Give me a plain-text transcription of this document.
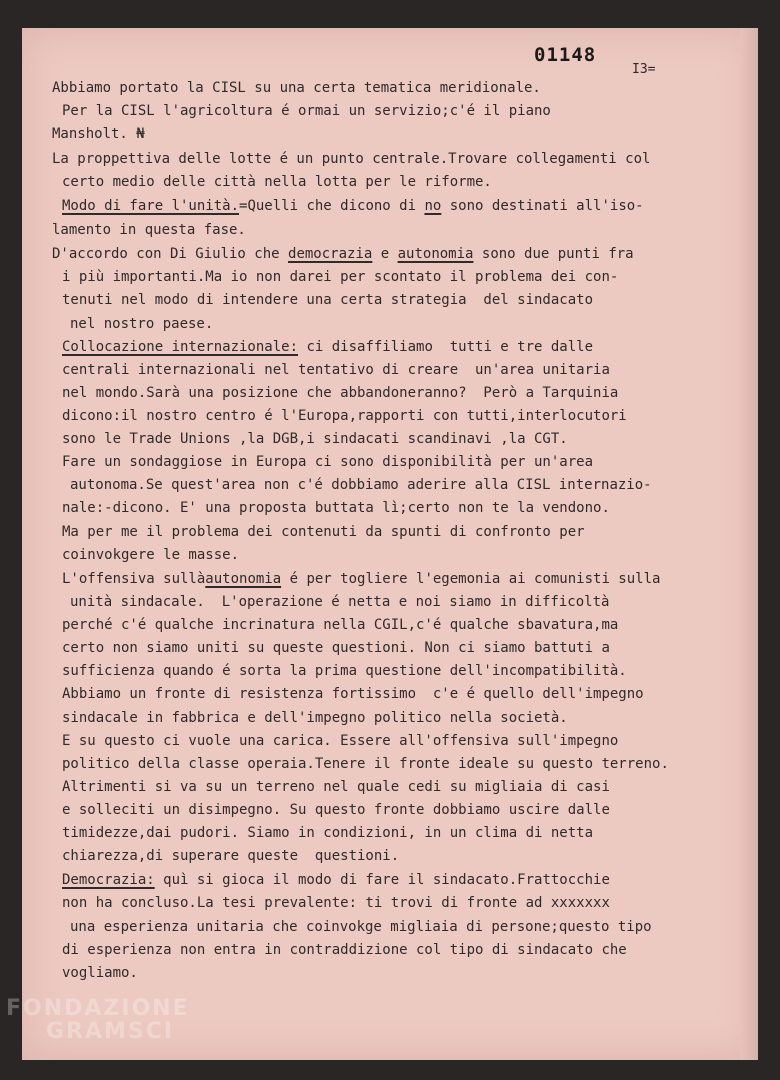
01148
I3=
Abbiamo portato la CISL su una certa tematica meridionale.
Per la CISL l'agricoltura é ormai un servizio;c'é il piano
Mansholt. ₦
La proppettiva delle lotte é un punto centrale.Trovare collegamenti col
certo medio delle città nella lotta per le riforme.
Modo di fare l'unità.=Quelli che dicono di no sono destinati all'iso-
lamento in questa fase.
D'accordo con Di Giulio che democrazia e autonomia sono due punti fra
i più importanti.Ma io non darei per scontato il problema dei con-
tenuti nel modo di intendere una certa strategia  del sindacato
nel nostro paese.
Collocazione internazionale: ci disaffiliamo  tutti e tre dalle
centrali internazionali nel tentativo di creare  un'area unitaria
nel mondo.Sarà una posizione che abbandoneranno?  Però a Tarquinia
dicono:il nostro centro é l'Europa,rapporti con tutti,interlocutori
sono le Trade Unions ,la DGB,i sindacati scandinavi ,la CGT.
Fare un sondaggiose in Europa ci sono disponibilità per un'area
autonoma.Se quest'area non c'é dobbiamo aderire alla CISL internazio-
nale:-dicono. E' una proposta buttata lì;certo non te la vendono.
Ma per me il problema dei contenuti da spunti di confronto per
coinvokgere le masse.
L'offensiva sullàautonomia é per togliere l'egemonia ai comunisti sulla
unità sindacale.  L'operazione é netta e noi siamo in difficoltà
perché c'é qualche incrinatura nella CGIL,c'é qualche sbavatura,ma
certo non siamo uniti su queste questioni. Non ci siamo battuti a
sufficienza quando é sorta la prima questione dell'incompatibilità.
Abbiamo un fronte di resistenza fortissimo  c'e é quello dell'impegno
sindacale in fabbrica e dell'impegno politico nella società.
E su questo ci vuole una carica. Essere all'offensiva sull'impegno
politico della classe operaia.Tenere il fronte ideale su questo terreno.
Altrimenti si va su un terreno nel quale cedi su migliaia di casi
e solleciti un disimpegno. Su questo fronte dobbiamo uscire dalle
timidezze,dai pudori. Siamo in condizioni, in un clima di netta
chiarezza,di superare queste  questioni.
Democrazia: quì si gioca il modo di fare il sindacato.Frattocchie
non ha concluso.La tesi prevalente: ti trovi di fronte ad xxxxxxx
una esperienza unitaria che coinvokge migliaia di persone;questo tipo
di esperienza non entra in contraddizione col tipo di sindacato che
vogliamo.
FONDAZIONE
GRAMSCI
